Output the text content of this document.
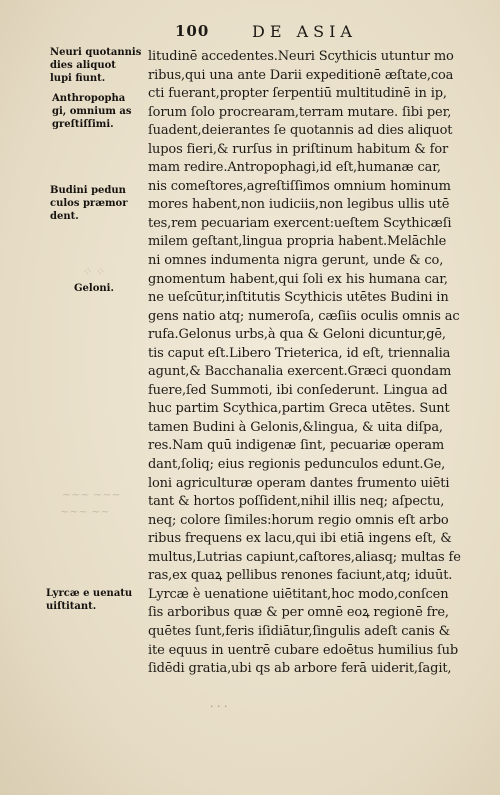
100	DE ASIA
Neuri quotannis
dies aliquot
lupi fiunt.
Anthropopha
gi, omnium as
greſtiſſimi.
Budini pedun
culos præmor
dent.
Geloni.
Lyrcæ e uenatu
uiſtitant.
⁘ ⁘
~~~ ~~~
~~~ ~~
litudinē accedentes.Neuri Scythicis utuntur mo
ribus,qui una ante Darii expeditionē æſtate,coa
cti fuerant,propter ſerpentiū multitudinē in ip,
ſorum ſolo procrearam,terram mutare. ſibi per,
ſuadent,deierantes ſe quotannis ad dies aliquot
lupos fieri,& rurſus in priſtinum habitum & for
mam redire.Antropophagi,id eſt,humanæ car,
nis comeſtores,agreſtiſſimos omnium hominum
mores habent,non iudiciis,non legibus ullis utē
tes,rem pecuariam exercent:ueſtem Scythicæſi
milem geſtant,lingua propria habent.Melāchle
ni omnes indumenta nigra gerunt, unde & co,
gnomentum habent,qui ſoli ex his humana car,
ne ueſcūtur,inſtitutis Scythicis utētes Budini in
gens natio atq; numeroſa, cæſiis oculis omnis ac
rufa.Gelonus urbs,à qua & Geloni dicuntur,gē,
tis caput eſt.Libero Trieterica, id eſt, triennalia
agunt,& Bacchanalia exercent.Græci quondam
fuere,ſed Summoti, ibi conſederunt. Lingua ad
huc partim Scythica,partim Greca utētes. Sunt
tamen Budini à Gelonis,&lingua, & uita diſpa,
res.Nam quū indigenæ ſint, pecuariæ operam
dant,ſoliq; eius regionis pedunculos edunt.Ge,
loni agriculturæ operam dantes frumento uiēti
tant & hortos poſſident,nihil illis neq; aſpectu,
neq; colore ſimiles:horum regio omnis eſt arbo
ribus frequens ex lacu,qui ibi etiā ingens eſt, &
multus,Lutrias capiunt,caſtores,aliasq; multas fe
ras,ex quaꝝ pellibus renones faciunt,atq; iduūt.
Lyrcæ è uenatione uiētitant,hoc modo,conſcen
ſis arboribus quæ & per omnē eoꝝ regionē fre,
quētes ſunt,feris iſidiātur,ſingulis adeſt canis &
ite equus in uentrē cubare edoētus humilius ſub
ſidēdi gratia,ubi qs ab arbore ferā uiderit,ſagit,
· · ·
